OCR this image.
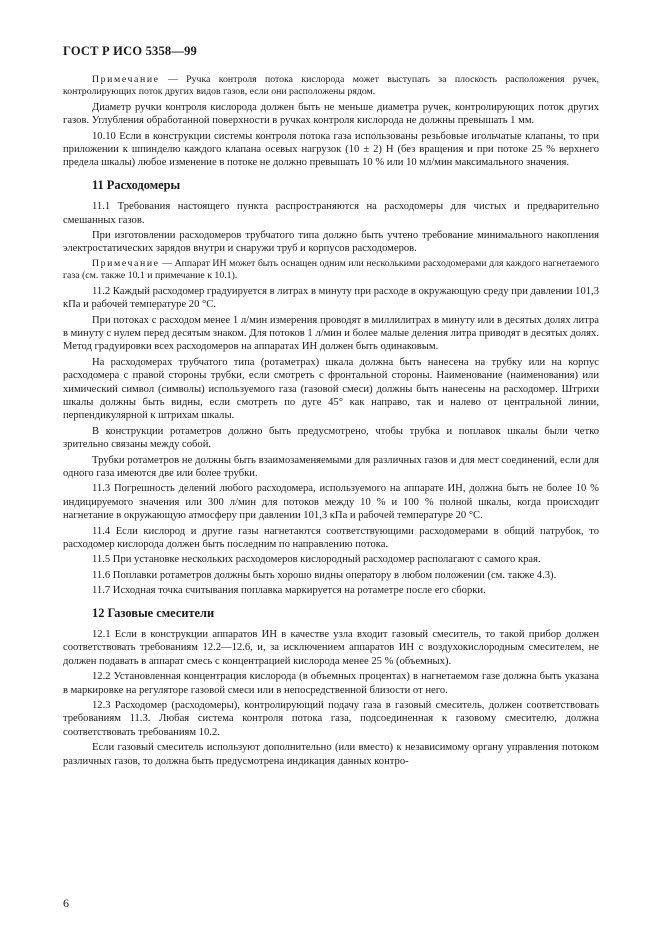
ГОСТ Р ИСО 5358—99

Примечание — Ручка контроля потока кислорода может выступать за плоскость расположения ручек, контролирующих поток других видов газов, если они расположены рядом.

Диаметр ручки контроля кислорода должен быть не меньше диаметра ручек, контролирующих поток других газов. Углубления обработанной поверхности в ручках контроля кислорода не должны превышать 1 мм.

10.10 Если в конструкции системы контроля потока газа использованы резьбовые игольчатые клапаны, то при приложении к шпинделю каждого клапана осевых нагрузок (10 ± 2) Н (без вращения и при потоке 25 % верхнего предела шкалы) любое изменение в потоке не должно превышать 10 % или 10 мл/мин максимального значения.

11 Расходомеры

11.1 Требования настоящего пункта распространяются на расходомеры для чистых и предварительно смешанных газов.

При изготовлении расходомеров трубчатого типа должно быть учтено требование минимального накопления электростатических зарядов внутри и снаружи труб и корпусов расходомеров.

Примечание — Аппарат ИН может быть оснащен одним или несколькими расходомерами для каждого нагнетаемого газа (см. также 10.1 и примечание к 10.1).

11.2 Каждый расходомер градуируется в литрах в минуту при расходе в окружающую среду при давлении 101,3 кПа и рабочей температуре 20 °С.

При потоках с расходом менее 1 л/мин измерения проводят в миллилитрах в минуту или в десятых долях литра в минуту с нулем перед десятым знаком. Для потоков 1 л/мин и более малые деления литра приводят в десятых долях. Метод градуировки всех расходомеров на аппаратах ИН должен быть одинаковым.

На расходомерах трубчатого типа (ротаметрах) шкала должна быть нанесена на трубку или на корпус расходомера с правой стороны трубки, если смотреть с фронтальной стороны. Наименование (наименования) или химический символ (символы) используемого газа (газовой смеси) должны быть нанесены на расходомер. Штрихи шкалы должны быть видны, если смотреть по дуге 45° как направо, так и налево от центральной линии, перпендикулярной к штрихам шкалы.

В конструкции ротаметров должно быть предусмотрено, чтобы трубка и поплавок шкалы были четко зрительно связаны между собой.

Трубки ротаметров не должны быть взаимозаменяемыми для различных газов и для мест соединений, если для одного газа имеются две или более трубки.

11.3 Погрешность делений любого расходомера, используемого на аппарате ИН, должна быть не более 10 % индицируемого значения или 300 л/мин для потоков между 10 % и 100 % полной шкалы, когда происходит нагнетание в окружающую атмосферу при давлении 101,3 кПа и рабочей температуре 20 °С.

11.4 Если кислород и другие газы нагнетаются соответствующими расходомерами в общий патрубок, то расходомер кислорода должен быть последним по направлению потока.

11.5 При установке нескольких расходомеров кислородный расходомер располагают с самого края.

11.6 Поплавки ротаметров должны быть хорошо видны оператору в любом положении (см. также 4.3).

11.7 Исходная точка считывания поплавка маркируется на ротаметре после его сборки.

12 Газовые смесители

12.1 Если в конструкции аппаратов ИН в качестве узла входит газовый смеситель, то такой прибор должен соответствовать требованиям 12.2—12.6, и, за исключением аппаратов ИН с воздухокислородным смесителем, не должен подавать в аппарат смесь с концентрацией кислорода менее 25 % (объемных).

12.2 Установленная концентрация кислорода (в объемных процентах) в нагнетаемом газе должна быть указана в маркировке на регуляторе газовой смеси или в непосредственной близости от него.

12.3 Расходомер (расходомеры), контролирующий подачу газа в газовый смеситель, должен соответствовать требованиям 11.3. Любая система контроля потока газа, подсоединенная к газовому смесителю, должна соответствовать требованиям 10.2.

Если газовый смеситель используют дополнительно (или вместо) к независимому органу управления потоком различных газов, то должна быть предусмотрена индикация данных контро-

6
